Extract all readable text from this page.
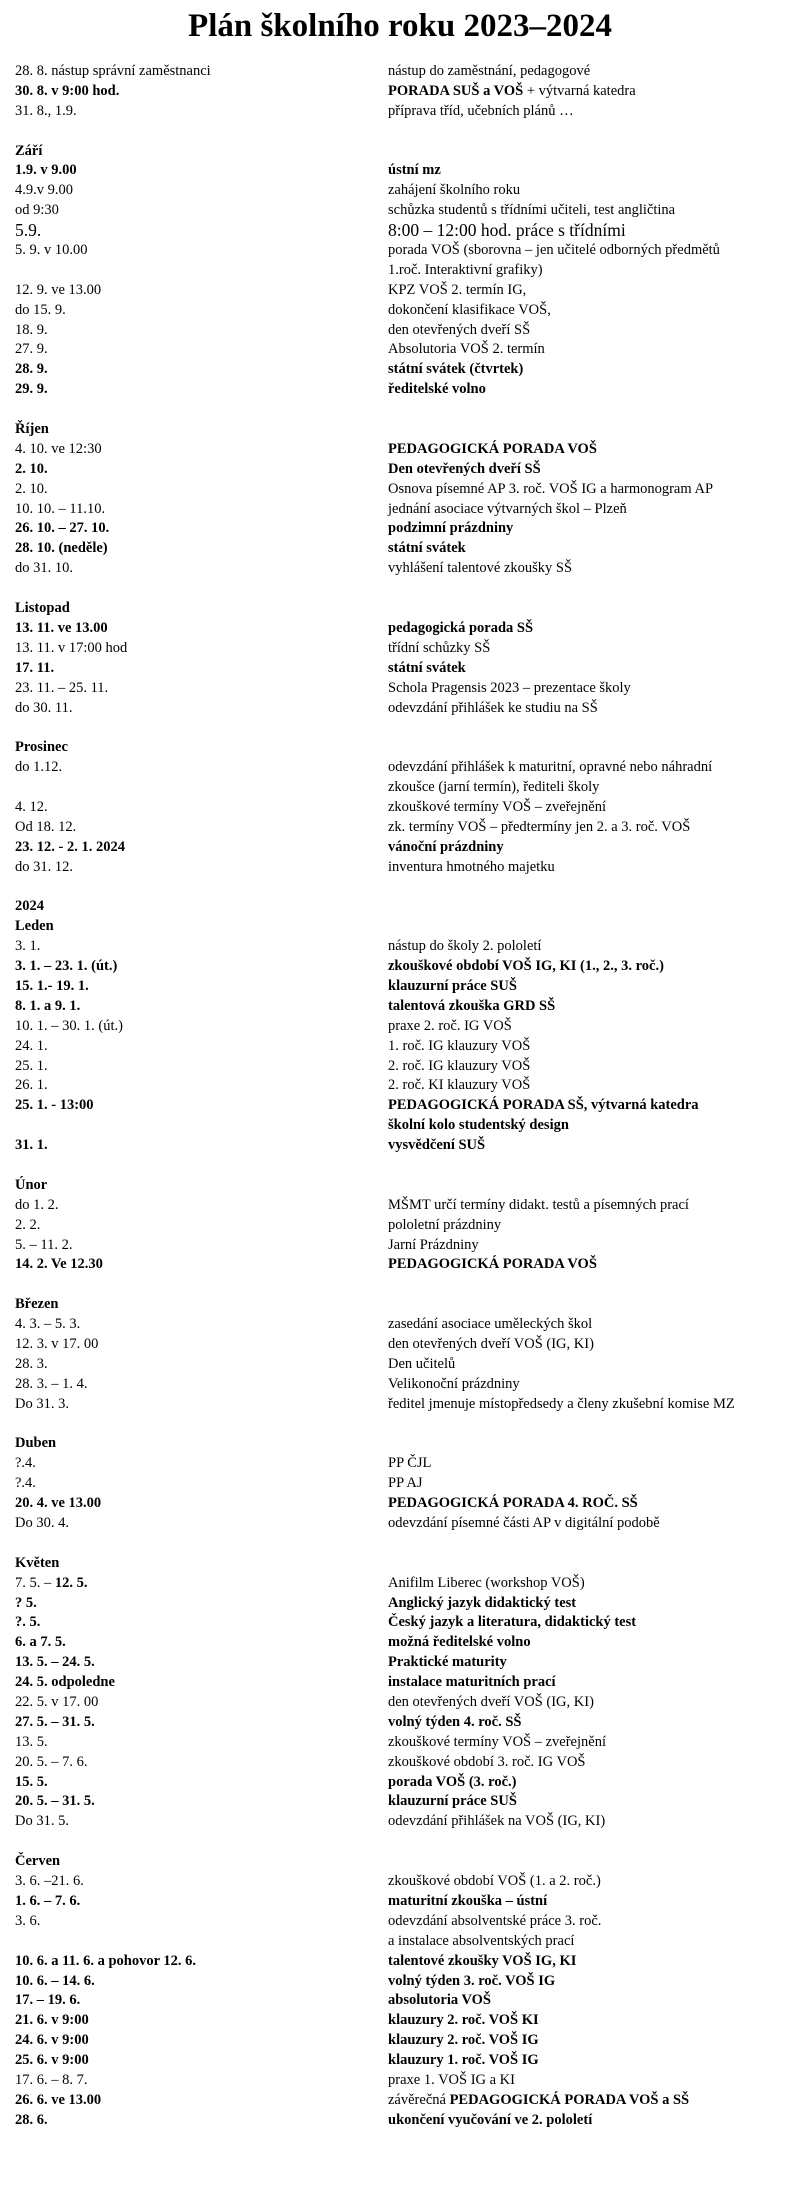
Plán školního roku 2023–2024
28. 8. nástup správní zaměstnanci	nástup do zaměstnání, pedagogové
30. 8. v 9:00 hod.	PORADA SUŠ a VOŠ + výtvarná katedra
31. 8., 1.9.	příprava tříd, učebních plánů …
Září
1.9. v 9.00	ústní mz
4.9.v 9.00	zahájení školního roku
od 9:30	schůzka studentů s třídními učiteli, test angličtina
5.9.	8:00 – 12:00 hod. práce s třídními
5. 9. v 10.00	porada VOŠ (sborovna – jen učitelé odborných předmětů
1.roč. Interaktivní grafiky)
12. 9. ve 13.00	KPZ VOŠ 2. termín IG,
do 15. 9.	dokončení klasifikace VOŠ,
18. 9.	den otevřených dveří SŠ
27. 9.	Absolutoria VOŠ 2. termín
28. 9.	státní svátek (čtvrtek)
29. 9.	ředitelské volno
Říjen
4. 10. ve 12:30	PEDAGOGICKÁ PORADA VOŠ
2. 10.	Den otevřených dveří SŠ
2. 10.	Osnova písemné AP 3. roč. VOŠ IG a harmonogram AP
10. 10. – 11.10.	jednání asociace výtvarných škol – Plzeň
26. 10. – 27. 10.	podzimní prázdniny
28. 10. (neděle)	státní svátek
do 31. 10.	vyhlášení talentové zkoušky SŠ
Listopad
13. 11. ve 13.00	pedagogická porada SŠ
13. 11. v 17:00 hod	třídní schůzky SŠ
17. 11.	státní svátek
23. 11. – 25. 11.	Schola Pragensis 2023 – prezentace školy
do 30. 11.	odevzdání přihlášek ke studiu na SŠ
Prosinec
do 1.12.	odevzdání přihlášek k maturitní, opravné nebo náhradní
zkoušce (jarní termín), řediteli školy
4. 12.	zkouškové termíny VOŠ – zveřejnění
Od 18. 12.	zk. termíny VOŠ – předtermíny jen 2. a 3. roč. VOŠ
23. 12. - 2. 1. 2024	vánoční prázdniny
do 31. 12.	inventura hmotného majetku
2024
Leden
3. 1.	nástup do školy 2. pololetí
3. 1. – 23. 1. (út.)	zkouškové období VOŠ IG, KI (1., 2., 3. roč.)
15. 1.- 19. 1.	klauzurní práce SUŠ
8. 1. a 9. 1.	talentová zkouška GRD SŠ
10. 1. – 30. 1. (út.)	praxe 2. roč. IG VOŠ
24. 1.	1. roč. IG klauzury VOŠ
25. 1.	2. roč. IG klauzury VOŠ
26. 1.	2. roč. KI klauzury VOŠ
25. 1. - 13:00	PEDAGOGICKÁ PORADA SŠ, výtvarná katedra
školní kolo studentský design
31. 1.	vysvědčení SUŠ
Únor
do 1. 2.	MŠMT určí termíny didakt. testů a písemných prací
2. 2.	pololetní prázdniny
5. – 11. 2.	Jarní Prázdniny
14. 2. Ve 12.30	PEDAGOGICKÁ PORADA VOŠ
Březen
4. 3. – 5. 3.	zasedání asociace uměleckých škol
12. 3. v 17. 00	den otevřených dveří VOŠ (IG, KI)
28. 3.	Den učitelů
28. 3. – 1. 4.	Velikonoční prázdniny
Do 31. 3.	ředitel jmenuje místopředsedy a členy zkušební komise MZ
Duben
?.4.	PP ČJL
?.4.	PP AJ
20. 4. ve 13.00	PEDAGOGICKÁ PORADA 4. ROČ. SŠ
Do 30. 4.	odevzdání písemné části AP v digitální podobě
Květen
7. 5. – 12. 5.	Anifilm Liberec (workshop VOŠ)
? 5.	Anglický jazyk didaktický test
?. 5.	Český jazyk a literatura, didaktický test
6. a 7. 5.	možná ředitelské volno
13. 5. – 24. 5.	Praktické maturity
24. 5. odpoledne	instalace maturitních prací
22. 5. v 17. 00	den otevřených dveří VOŠ (IG, KI)
27. 5. – 31. 5.	volný týden 4. roč. SŠ
13. 5.	zkouškové termíny VOŠ – zveřejnění
20. 5. – 7. 6.	zkouškové období 3. roč. IG VOŠ
15. 5.	porada VOŠ (3. roč.)
20. 5. – 31. 5.	klauzurní práce SUŠ
Do 31. 5.	odevzdání přihlášek na VOŠ (IG, KI)
Červen
3. 6. –21. 6.	zkouškové období VOŠ (1. a 2. roč.)
1. 6. – 7. 6.	maturitní zkouška – ústní
3. 6.	odevzdání absolventské práce 3. roč.
a instalace absolventských prací
10. 6. a 11. 6. a pohovor 12. 6.	talentové zkoušky VOŠ IG, KI
10. 6. – 14. 6.	volný týden 3. roč. VOŠ IG
17. – 19. 6.	absolutoria VOŠ
21. 6. v 9:00	klauzury 2. roč. VOŠ KI
24. 6. v 9:00	klauzury 2. roč. VOŠ IG
25. 6. v 9:00	klauzury 1. roč. VOŠ IG
17. 6. – 8. 7.	praxe 1. VOŠ IG a KI
26. 6. ve 13.00	závěrečná PEDAGOGICKÁ PORADA VOŠ a SŠ
28. 6.	ukončení vyučování ve 2. pololetí
